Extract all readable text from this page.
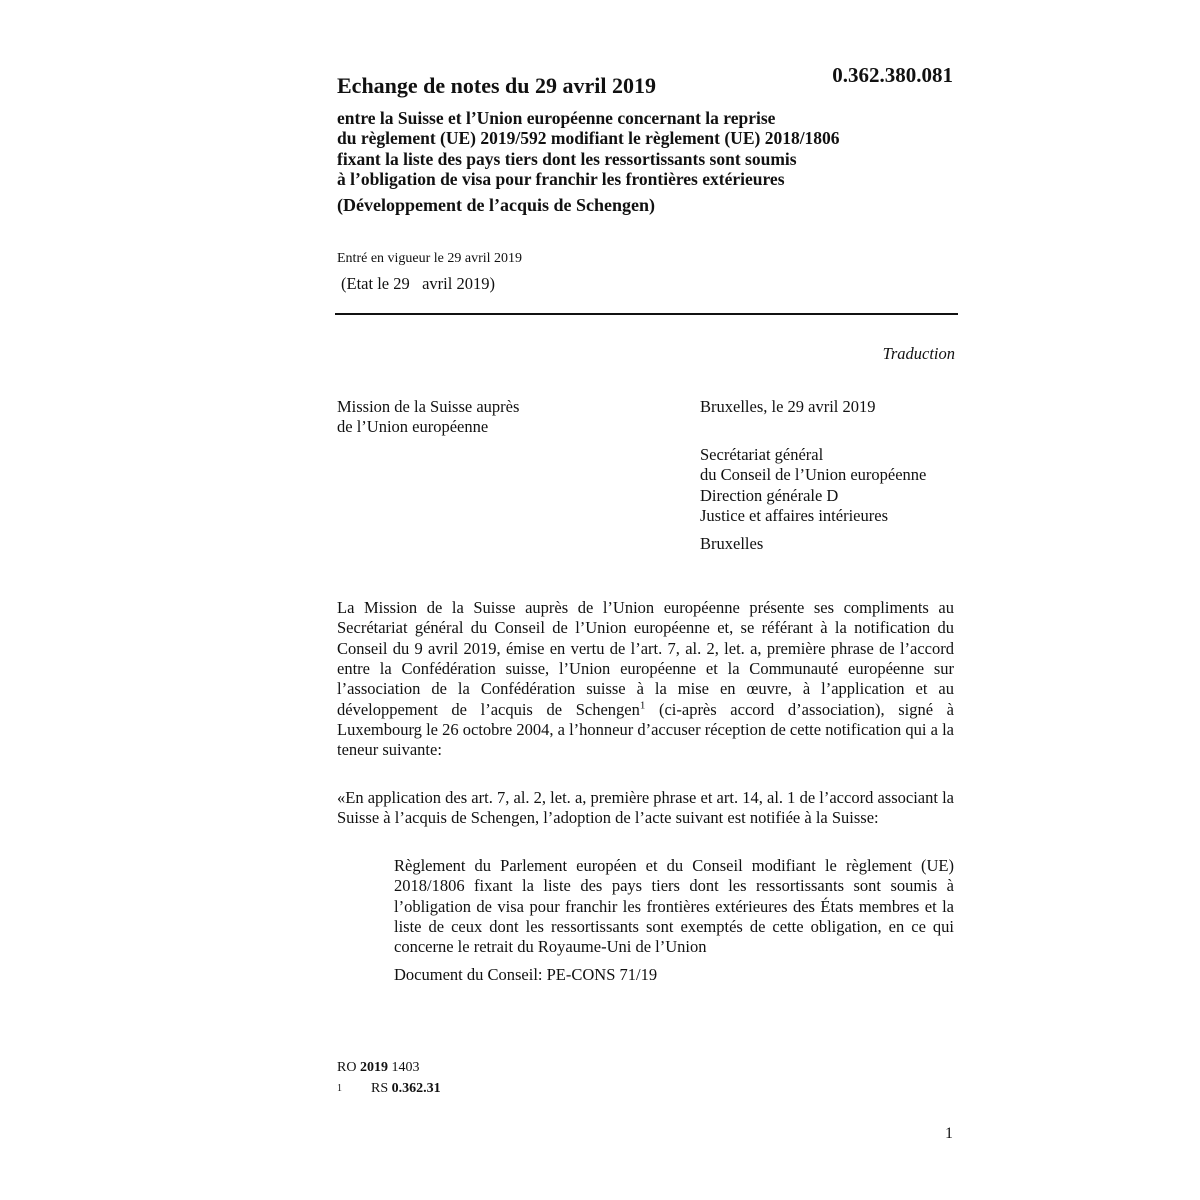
Echange de notes du 29 avril 2019	0.362.380.081
entre la Suisse et l’Union européenne concernant la reprise
du règlement (UE) 2019/592 modifiant le règlement (UE) 2018/1806
fixant la liste des pays tiers dont les ressortissants sont soumis
à l’obligation de visa pour franchir les frontières extérieures
(Développement de l’acquis de Schengen)
Entré en vigueur le 29 avril 2019
(Etat le 29   avril 2019)
Traduction
Mission de la Suisse auprès
de l’Union européenne
Bruxelles, le 29 avril 2019
Secrétariat général
du Conseil de l’Union européenne
Direction générale D
Justice et affaires intérieures
Bruxelles
La Mission de la Suisse auprès de l’Union européenne présente ses compliments au Secrétariat général du Conseil de l’Union européenne et, se référant à la notification du Conseil du 9 avril 2019, émise en vertu de l’art. 7, al. 2, let. a, première phrase de l’accord entre la Confédération suisse, l’Union européenne et la Communauté européenne sur l’association de la Confédération suisse à la mise en œuvre, à l’application et au développement de l’acquis de Schengen$^1$ (ci-après accord d’association), signé à Luxembourg le 26 octobre 2004, a l’honneur d’accuser réception de cette notification qui a la teneur suivante:
«En application des art. 7, al. 2, let. a, première phrase et art. 14, al. 1 de l’accord associant la Suisse à l’acquis de Schengen, l’adoption de l’acte suivant est notifiée à la Suisse:
Règlement du Parlement européen et du Conseil modifiant le règlement (UE) 2018/1806 fixant la liste des pays tiers dont les ressortissants sont soumis à l’obligation de visa pour franchir les frontières extérieures des États membres et la liste de ceux dont les ressortissants sont exemptés de cette obligation, en ce qui concerne le retrait du Royaume-Uni de l’Union
Document du Conseil: PE-CONS 71/19
RO 2019 1403
1 RS 0.362.31
1
